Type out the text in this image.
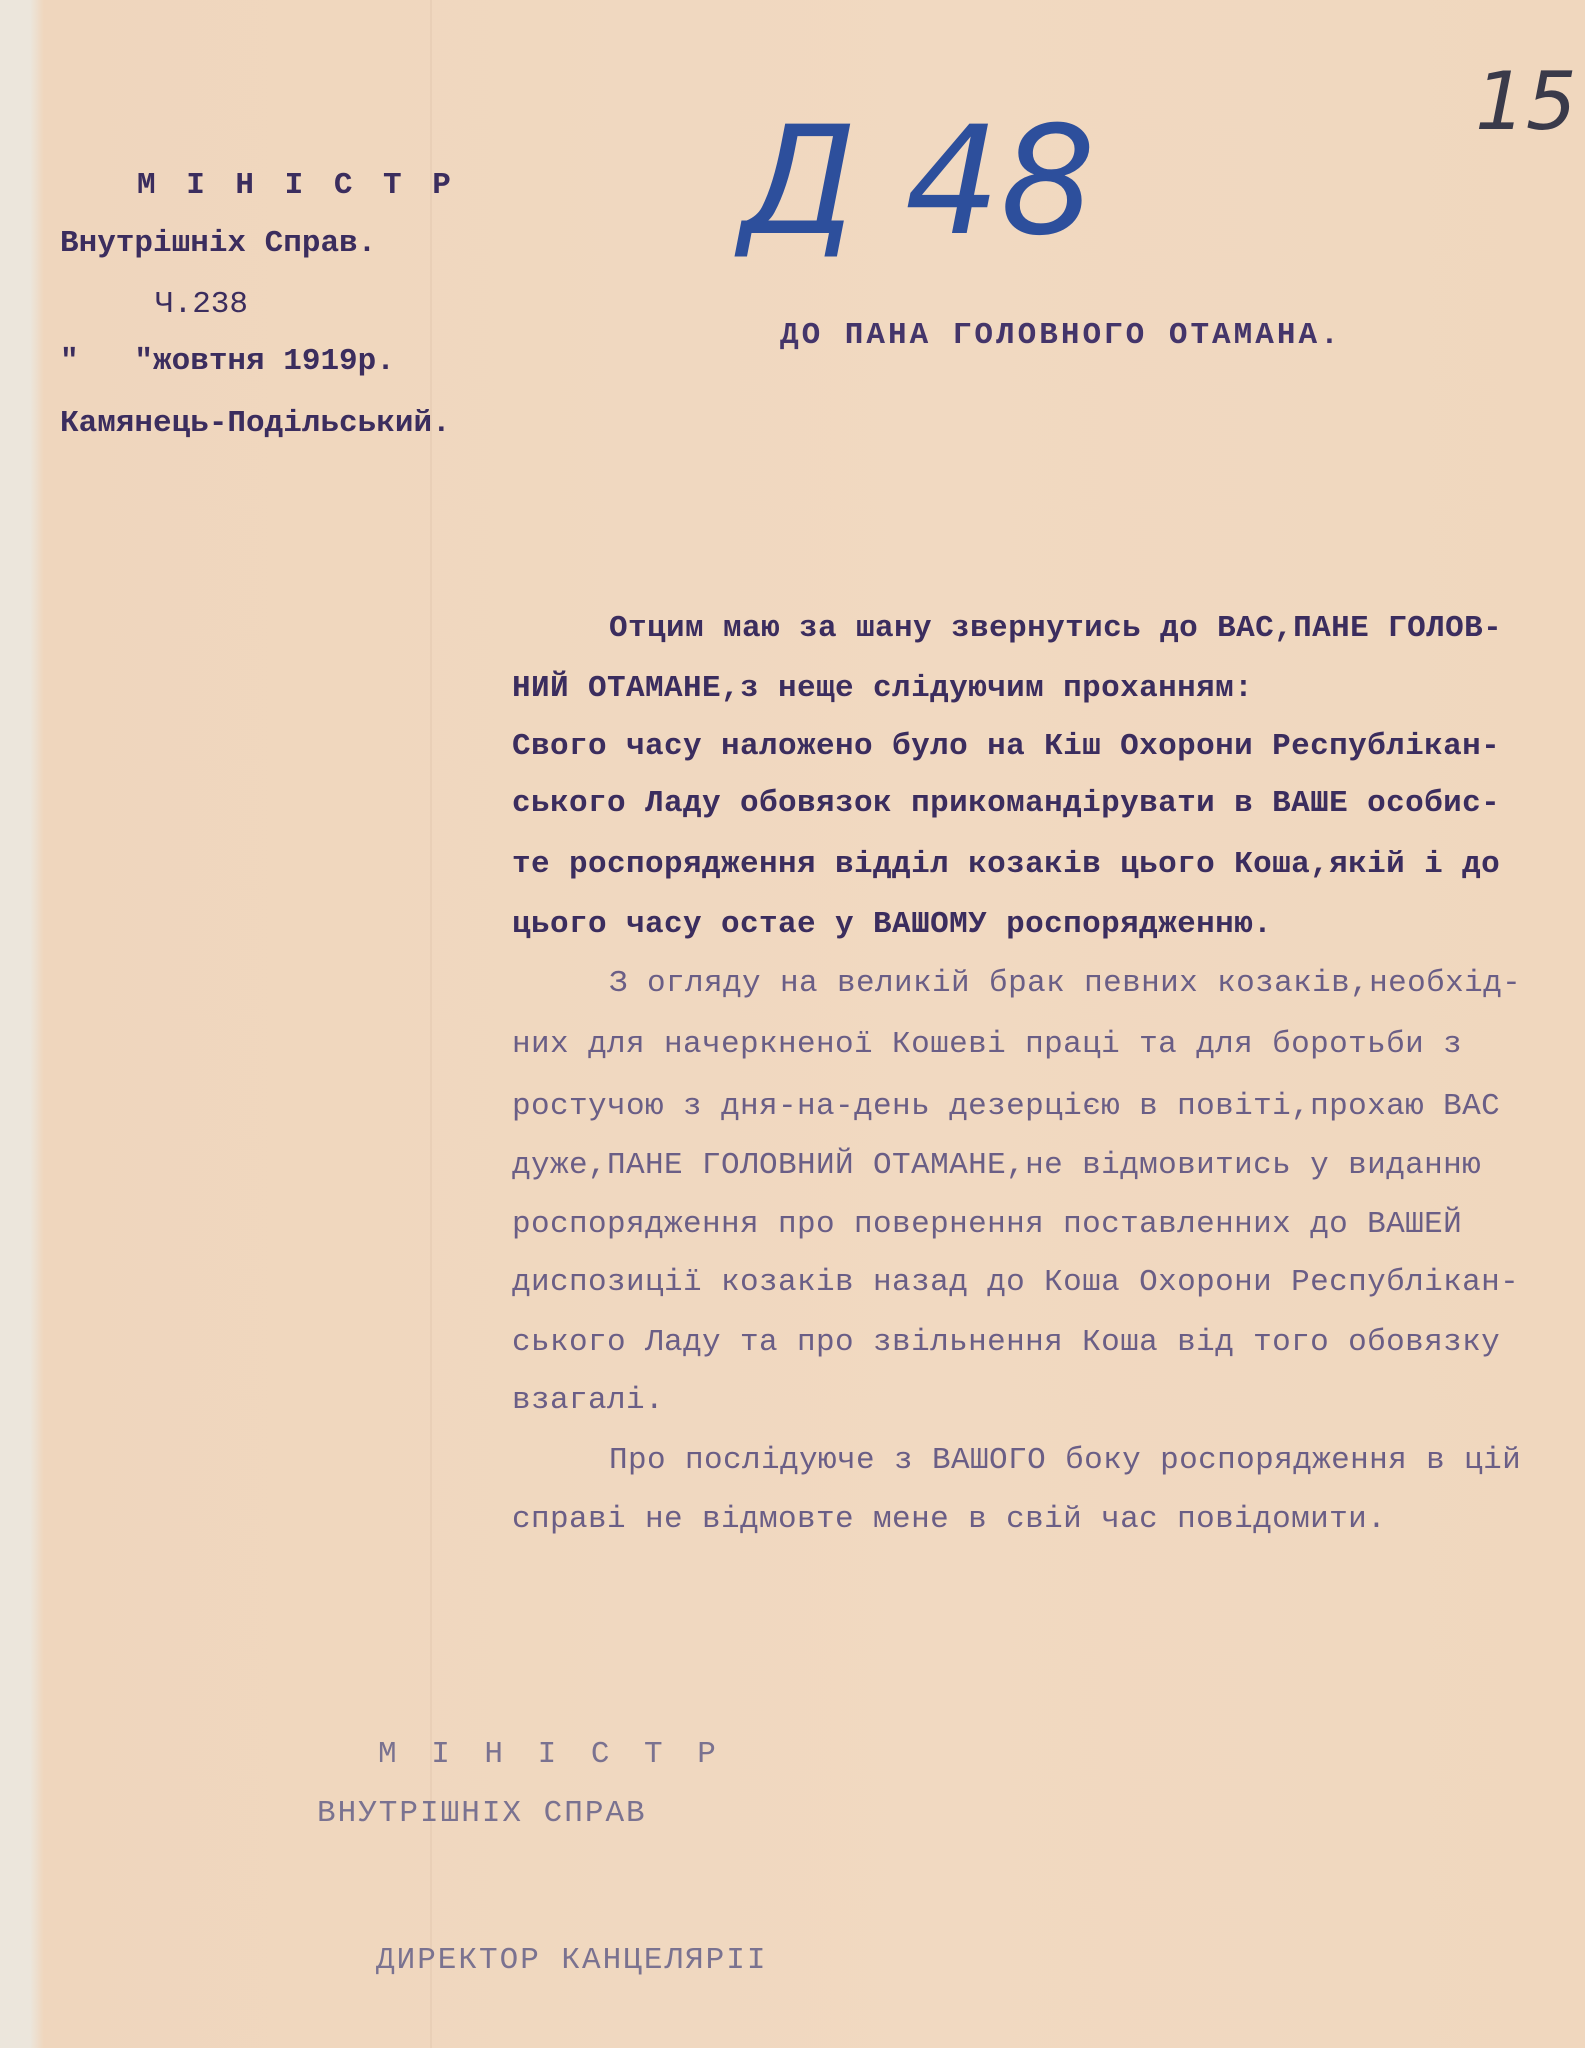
Д 48	15
М І Н І С Т Р
Внутрішніх Справ.
Ч.238
"   "жовтня 1919р.
Камянець-Подільський.
ДО ПАНА ГОЛОВНОГО ОТАМАНА.
Отцим маю за шану звернутись до ВАС,ПАНЕ ГОЛОВ-
НИЙ ОТАМАНЕ,з неще слідуючим проханням:
Свого часу наложено було на Кіш Охорони Республікан-
ського Ладу обовязок прикомандірувати в ВАШЕ особис-
те роспорядження відділ козаків цього Коша,якій і до
цього часу остае у ВАШОМУ роспорядженню.
З огляду на великій брак певних козаків,необхід-
них для начеркненої Кошеві праці та для боротьби з
ростучою з дня-на-день дезерцією в повіті,прохаю ВАС
дуже,ПАНЕ ГОЛОВНИЙ ОТАМАНЕ,не відмовитись у виданню
роспорядження про повернення поставленних до ВАШЕЙ
диспозиції козаків назад до Коша Охорони Республікан-
ського Ладу та про звільнення Коша від того обовязку
взагалі.
Про послідуюче з ВАШОГО боку роспорядження в цій
справі не відмовте мене в свій час повідомити.
М І Н І С Т Р
ВНУТРІШНІХ СПРАВ
ДИРЕКТОР КАНЦЕЛЯРІІ
